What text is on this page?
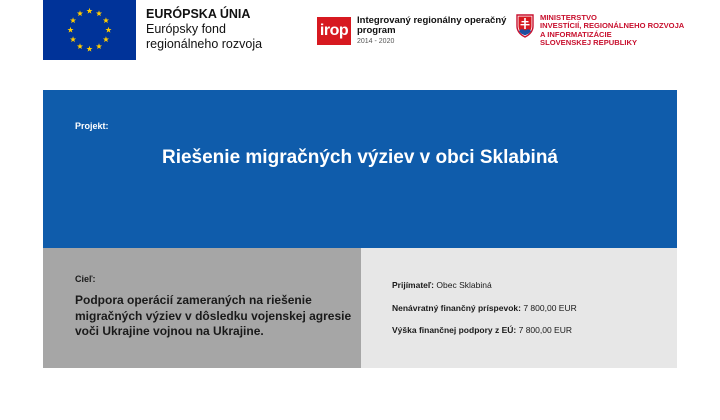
EURÓPSKA ÚNIA
Európsky fond
regionálneho rozvoja
irop
Integrovaný regionálny operačný program
2014 - 2020
MINISTERSTVO
INVESTÍCIÍ, REGIONÁLNEHO ROZVOJA
A INFORMATIZÁCIE
SLOVENSKEJ REPUBLIKY
Projekt:
Riešenie migračných výziev v obci Sklabiná
Cieľ:
Podpora operácií zameraných na riešenie migračných výziev v dôsledku vojenskej agresie voči Ukrajine vojnou na Ukrajine.
Prijímateľ: Obec Sklabiná
Nenávratný finančný príspevok: 7 800,00 EUR
Výška finančnej podpory z EÚ: 7 800,00 EUR
